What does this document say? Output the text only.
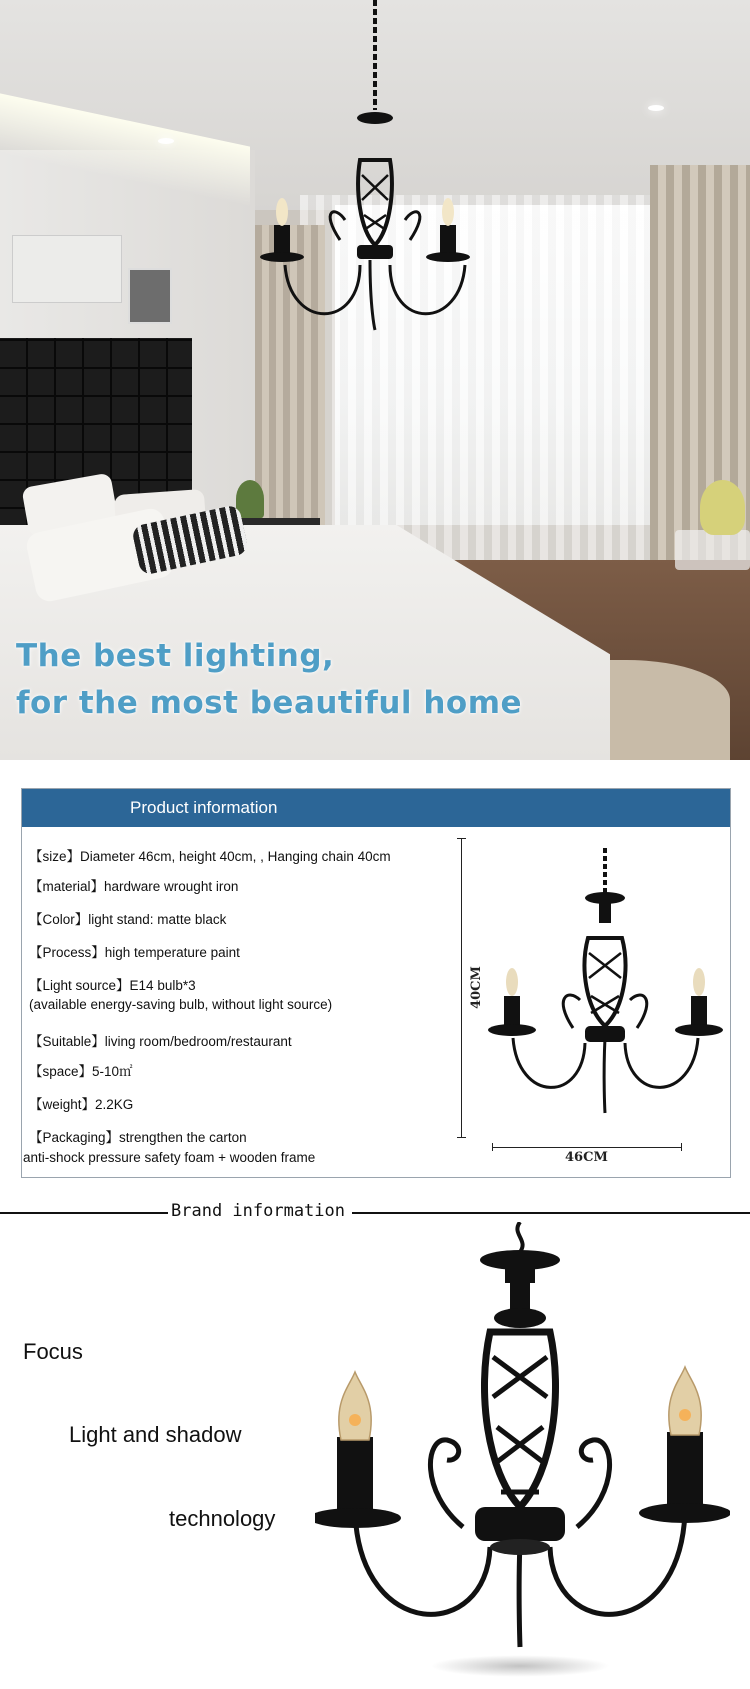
The best lighting,
for the most beautiful home
Product information
【size】Diameter 46cm, height 40cm, , Hanging chain 40cm
【material】hardware wrought iron
【Color】light stand: matte black
【Process】high temperature paint
【Light source】E14 bulb*3
(available energy-saving bulb, without light source)
【Suitable】living room/bedroom/restaurant
【space】5-10㎡
【weight】2.2KG
【Packaging】strengthen the carton
anti-shock pressure safety foam + wooden frame
40CM
46CM
Brand information
Focus
Light and shadow
technology
